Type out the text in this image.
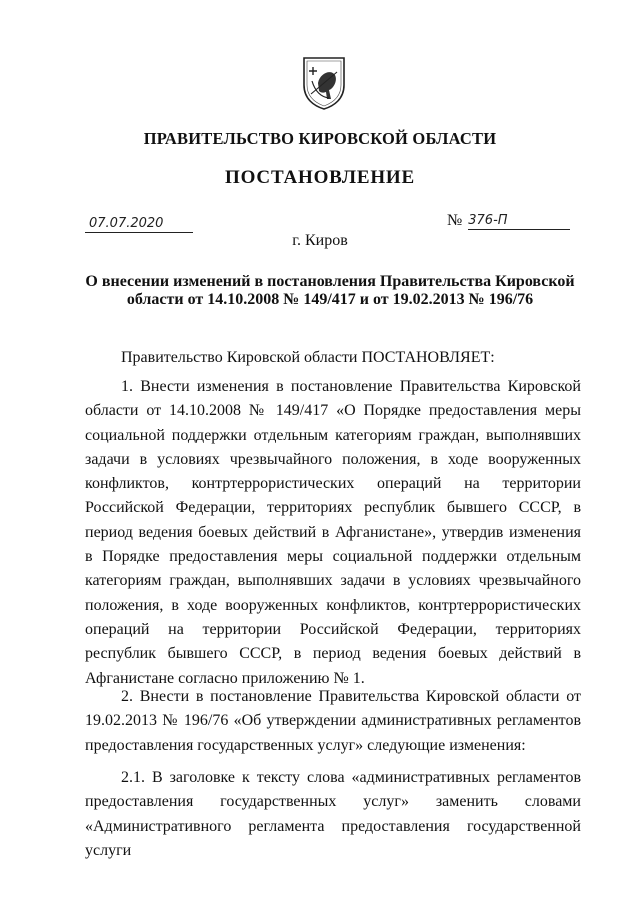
ПРАВИТЕЛЬСТВО КИРОВСКОЙ ОБЛАСТИ
ПОСТАНОВЛЕНИЕ
07.07.2020	№ 376-П
г. Киров
О внесении изменений в постановления Правительства Кировской области от 14.10.2008 № 149/417 и от 19.02.2013 № 196/76
Правительство Кировской области ПОСТАНОВЛЯЕТ:
1. Внести изменения в постановление Правительства Кировской области от 14.10.2008 № 149/417 «О Порядке предоставления меры социальной поддержки отдельным категориям граждан, выполнявших задачи в условиях чрезвычайного положения, в ходе вооруженных конфликтов, контртеррористических операций на территории Российской Федерации, территориях республик бывшего СССР, в период ведения боевых действий в Афганистане», утвердив изменения в Порядке предоставления меры социальной поддержки отдельным категориям граждан, выполнявших задачи в условиях чрезвычайного положения, в ходе вооруженных конфликтов, контртеррористических операций на территории Российской Федерации, территориях республик бывшего СССР, в период ведения боевых действий в Афганистане согласно приложению № 1.
2. Внести в постановление Правительства Кировской области от 19.02.2013 № 196/76 «Об утверждении административных регламентов предоставления государственных услуг» следующие изменения:
2.1. В заголовке к тексту слова «административных регламентов предоставления государственных услуг» заменить словами «Административного регламента предоставления государственной услуги
